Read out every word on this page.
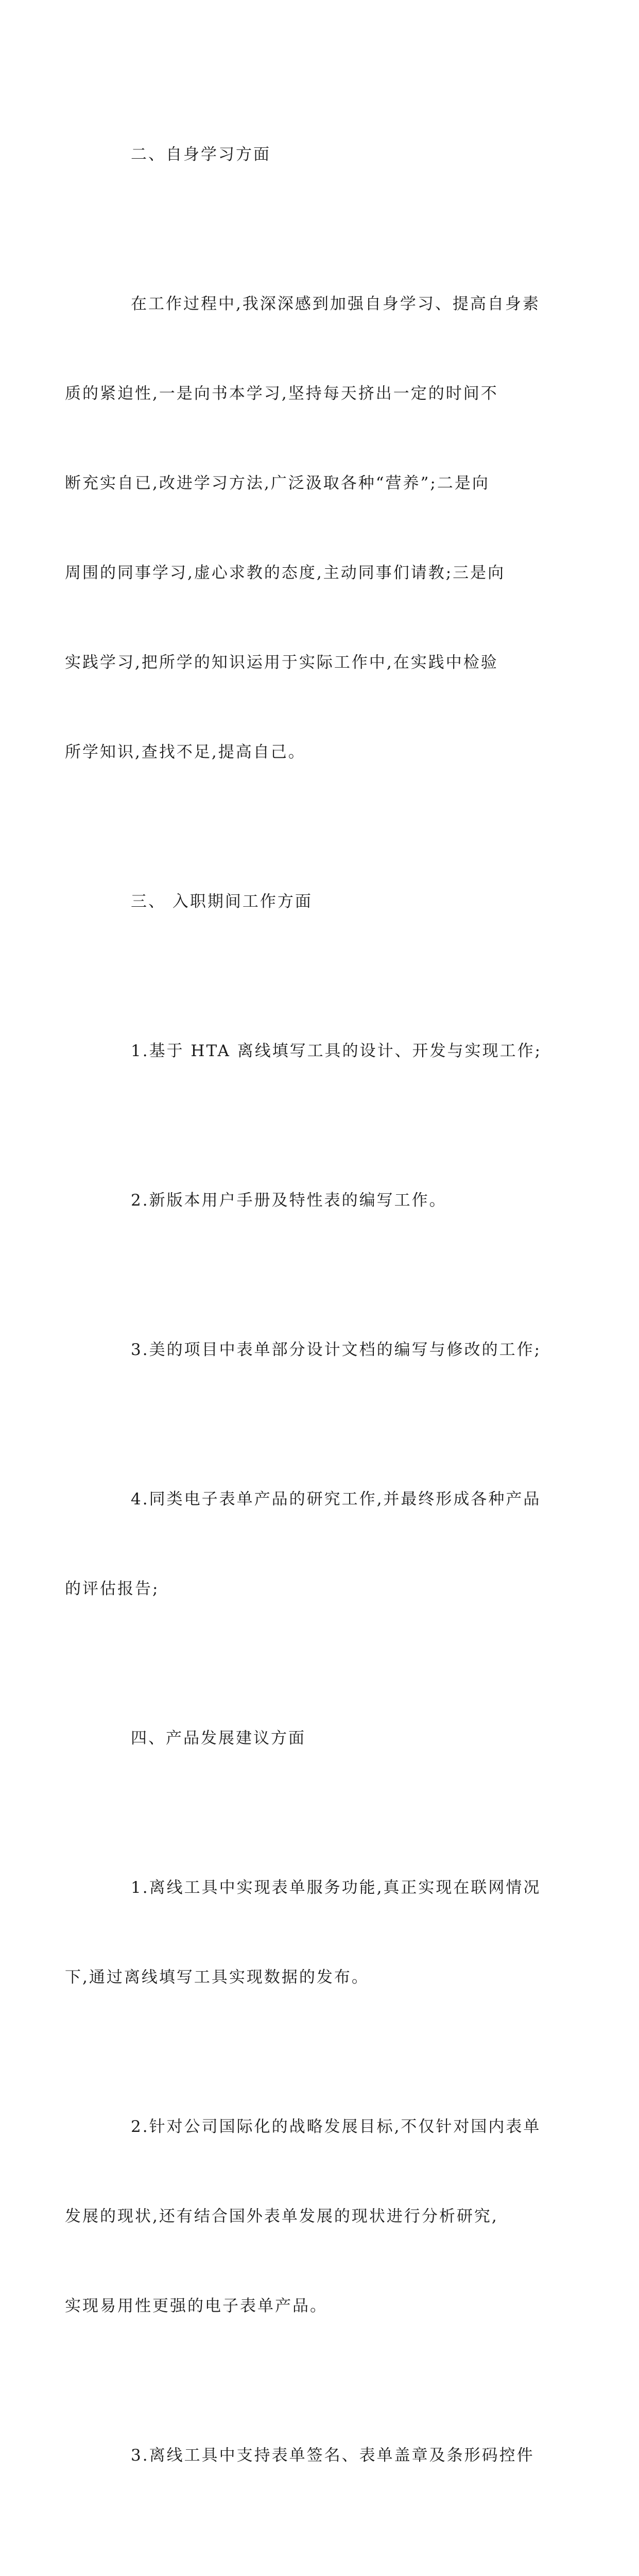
二、自身学习方面

在工作过程中,我深深感到加强自身学习、提高自身素

质的紧迫性,一是向书本学习,坚持每天挤出一定的时间不

断充实自已,改进学习方法,广泛汲取各种“营养”;二是向

周围的同事学习,虚心求教的态度,主动同事们请教;三是向

实践学习,把所学的知识运用于实际工作中,在实践中检验

所学知识,查找不足,提高自己。

三、 入职期间工作方面

1.基于 HTA 离线填写工具的设计、开发与实现工作;

2.新版本用户手册及特性表的编写工作。

3.美的项目中表单部分设计文档的编写与修改的工作;

4.同类电子表单产品的研究工作,并最终形成各种产品

的评估报告;

四、产品发展建议方面

1.离线工具中实现表单服务功能,真正实现在联网情况

下,通过离线填写工具实现数据的发布。

2.针对公司国际化的战略发展目标,不仅针对国内表单

发展的现状,还有结合国外表单发展的现状进行分析研究,

实现易用性更强的电子表单产品。

3.离线工具中支持表单签名、表单盖章及条形码控件
